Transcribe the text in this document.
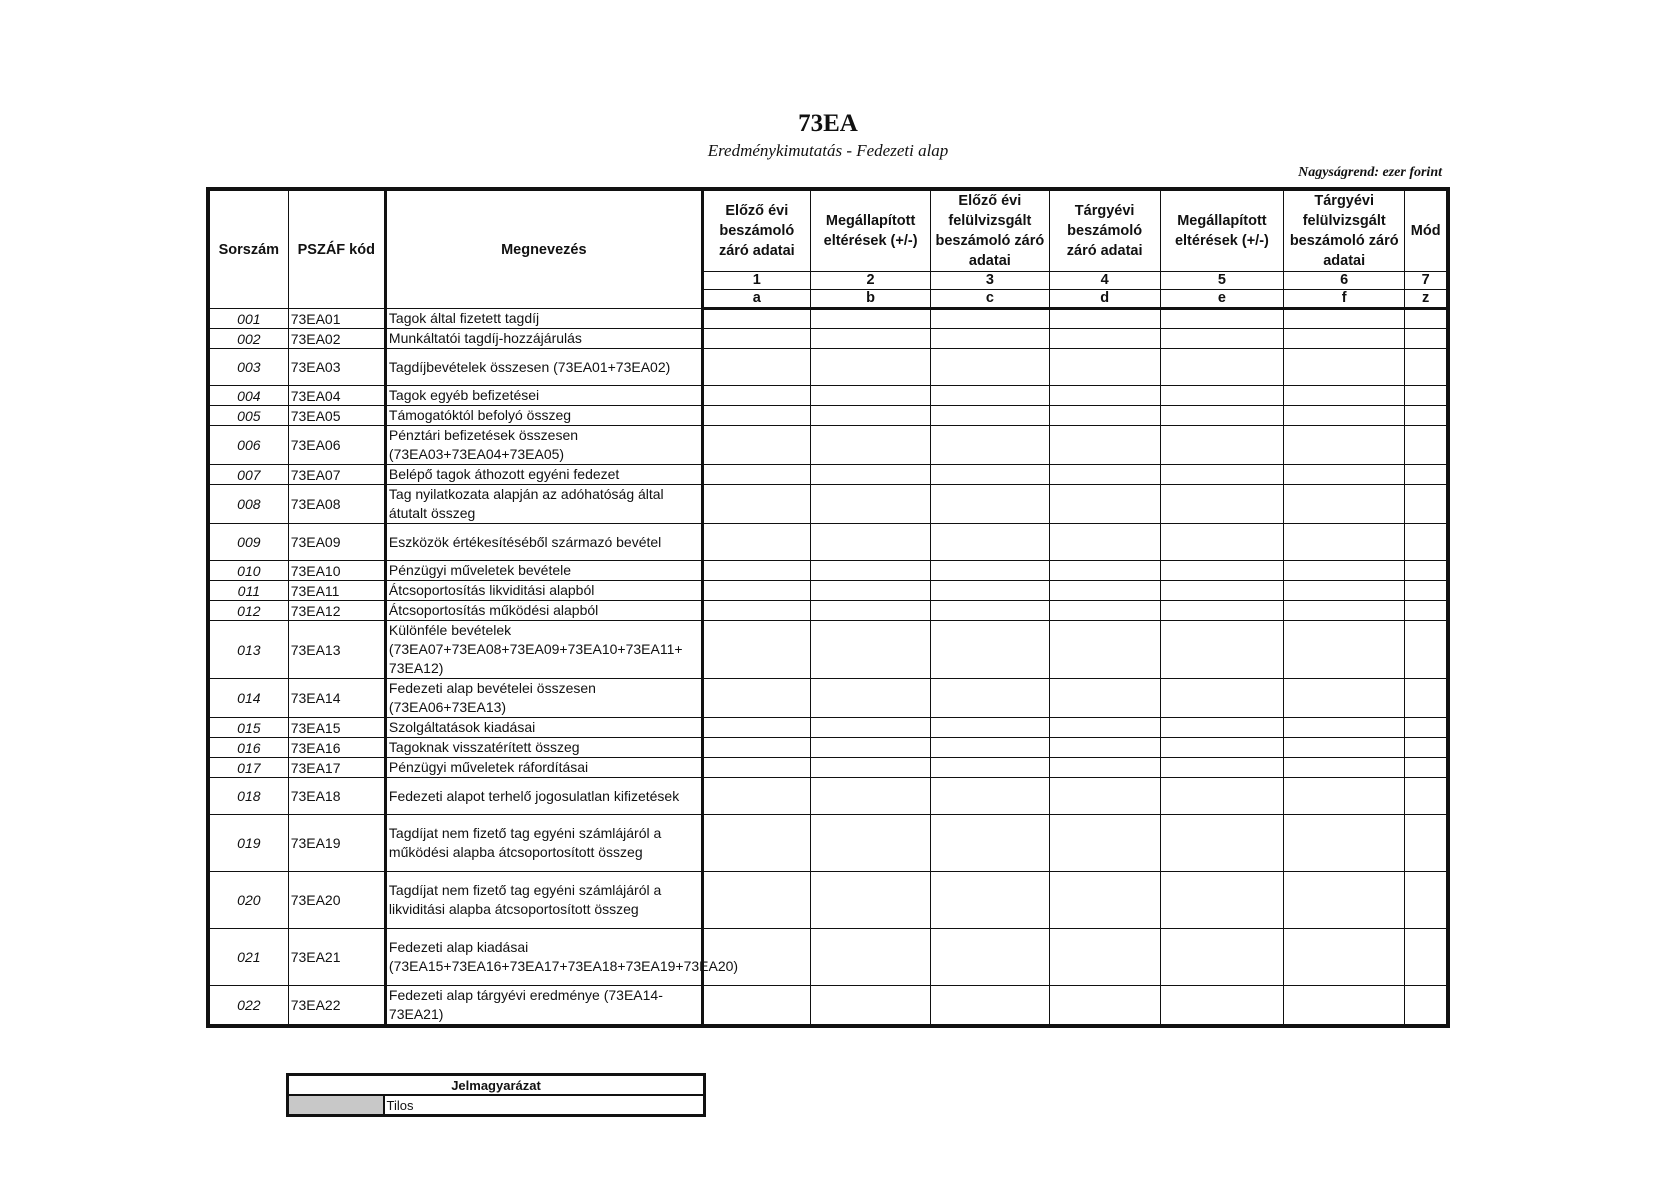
73EA
Eredménykimutatás - Fedezeti alap
Nagyságrend: ezer forint
Sorszám	PSZÁF kód	Megnevezés	Előző évi beszámoló záró adatai	Megállapított eltérések (+/-)	Előző évi felülvizsgált beszámoló záró adatai	Tárgyévi beszámoló záró adatai	Megállapított eltérések (+/-)	Tárgyévi felülvizsgált beszámoló záró adatai	Mód
			1	2	3	4	5	6	7
			a	b	c	d	e	f	z
001	73EA01	Tagok által fizetett tagdíj							
002	73EA02	Munkáltatói tagdíj-hozzájárulás							
003	73EA03	Tagdíjbevételek összesen (73EA01+73EA02)							
004	73EA04	Tagok egyéb befizetései							
005	73EA05	Támogatóktól befolyó összeg							
006	73EA06	Pénztári befizetések összesen (73EA03+73EA04+73EA05)							
007	73EA07	Belépő tagok áthozott egyéni fedezet							
008	73EA08	Tag nyilatkozata alapján az adóhatóság által átutalt összeg							
009	73EA09	Eszközök értékesítéséből származó bevétel							
010	73EA10	Pénzügyi műveletek bevétele							
011	73EA11	Átcsoportosítás likviditási alapból							
012	73EA12	Átcsoportosítás működési alapból							
013	73EA13	Különféle bevételek (73EA07+73EA08+73EA09+73EA10+73EA11+ 73EA12)							
014	73EA14	Fedezeti alap bevételei összesen (73EA06+73EA13)							
015	73EA15	Szolgáltatások kiadásai							
016	73EA16	Tagoknak visszatérített összeg							
017	73EA17	Pénzügyi műveletek ráfordításai							
018	73EA18	Fedezeti alapot terhelő jogosulatlan kifizetések							
019	73EA19	Tagdíjat nem fizető tag egyéni számlájáról a működési alapba átcsoportosított összeg							
020	73EA20	Tagdíjat nem fizető tag egyéni számlájáról a likviditási alapba átcsoportosított összeg							
021	73EA21	Fedezeti alap kiadásai (73EA15+73EA16+73EA17+73EA18+73EA19+73EA20)							
022	73EA22	Fedezeti alap tárgyévi eredménye (73EA14-73EA21)							
Jelmagyarázat
	Tilos
